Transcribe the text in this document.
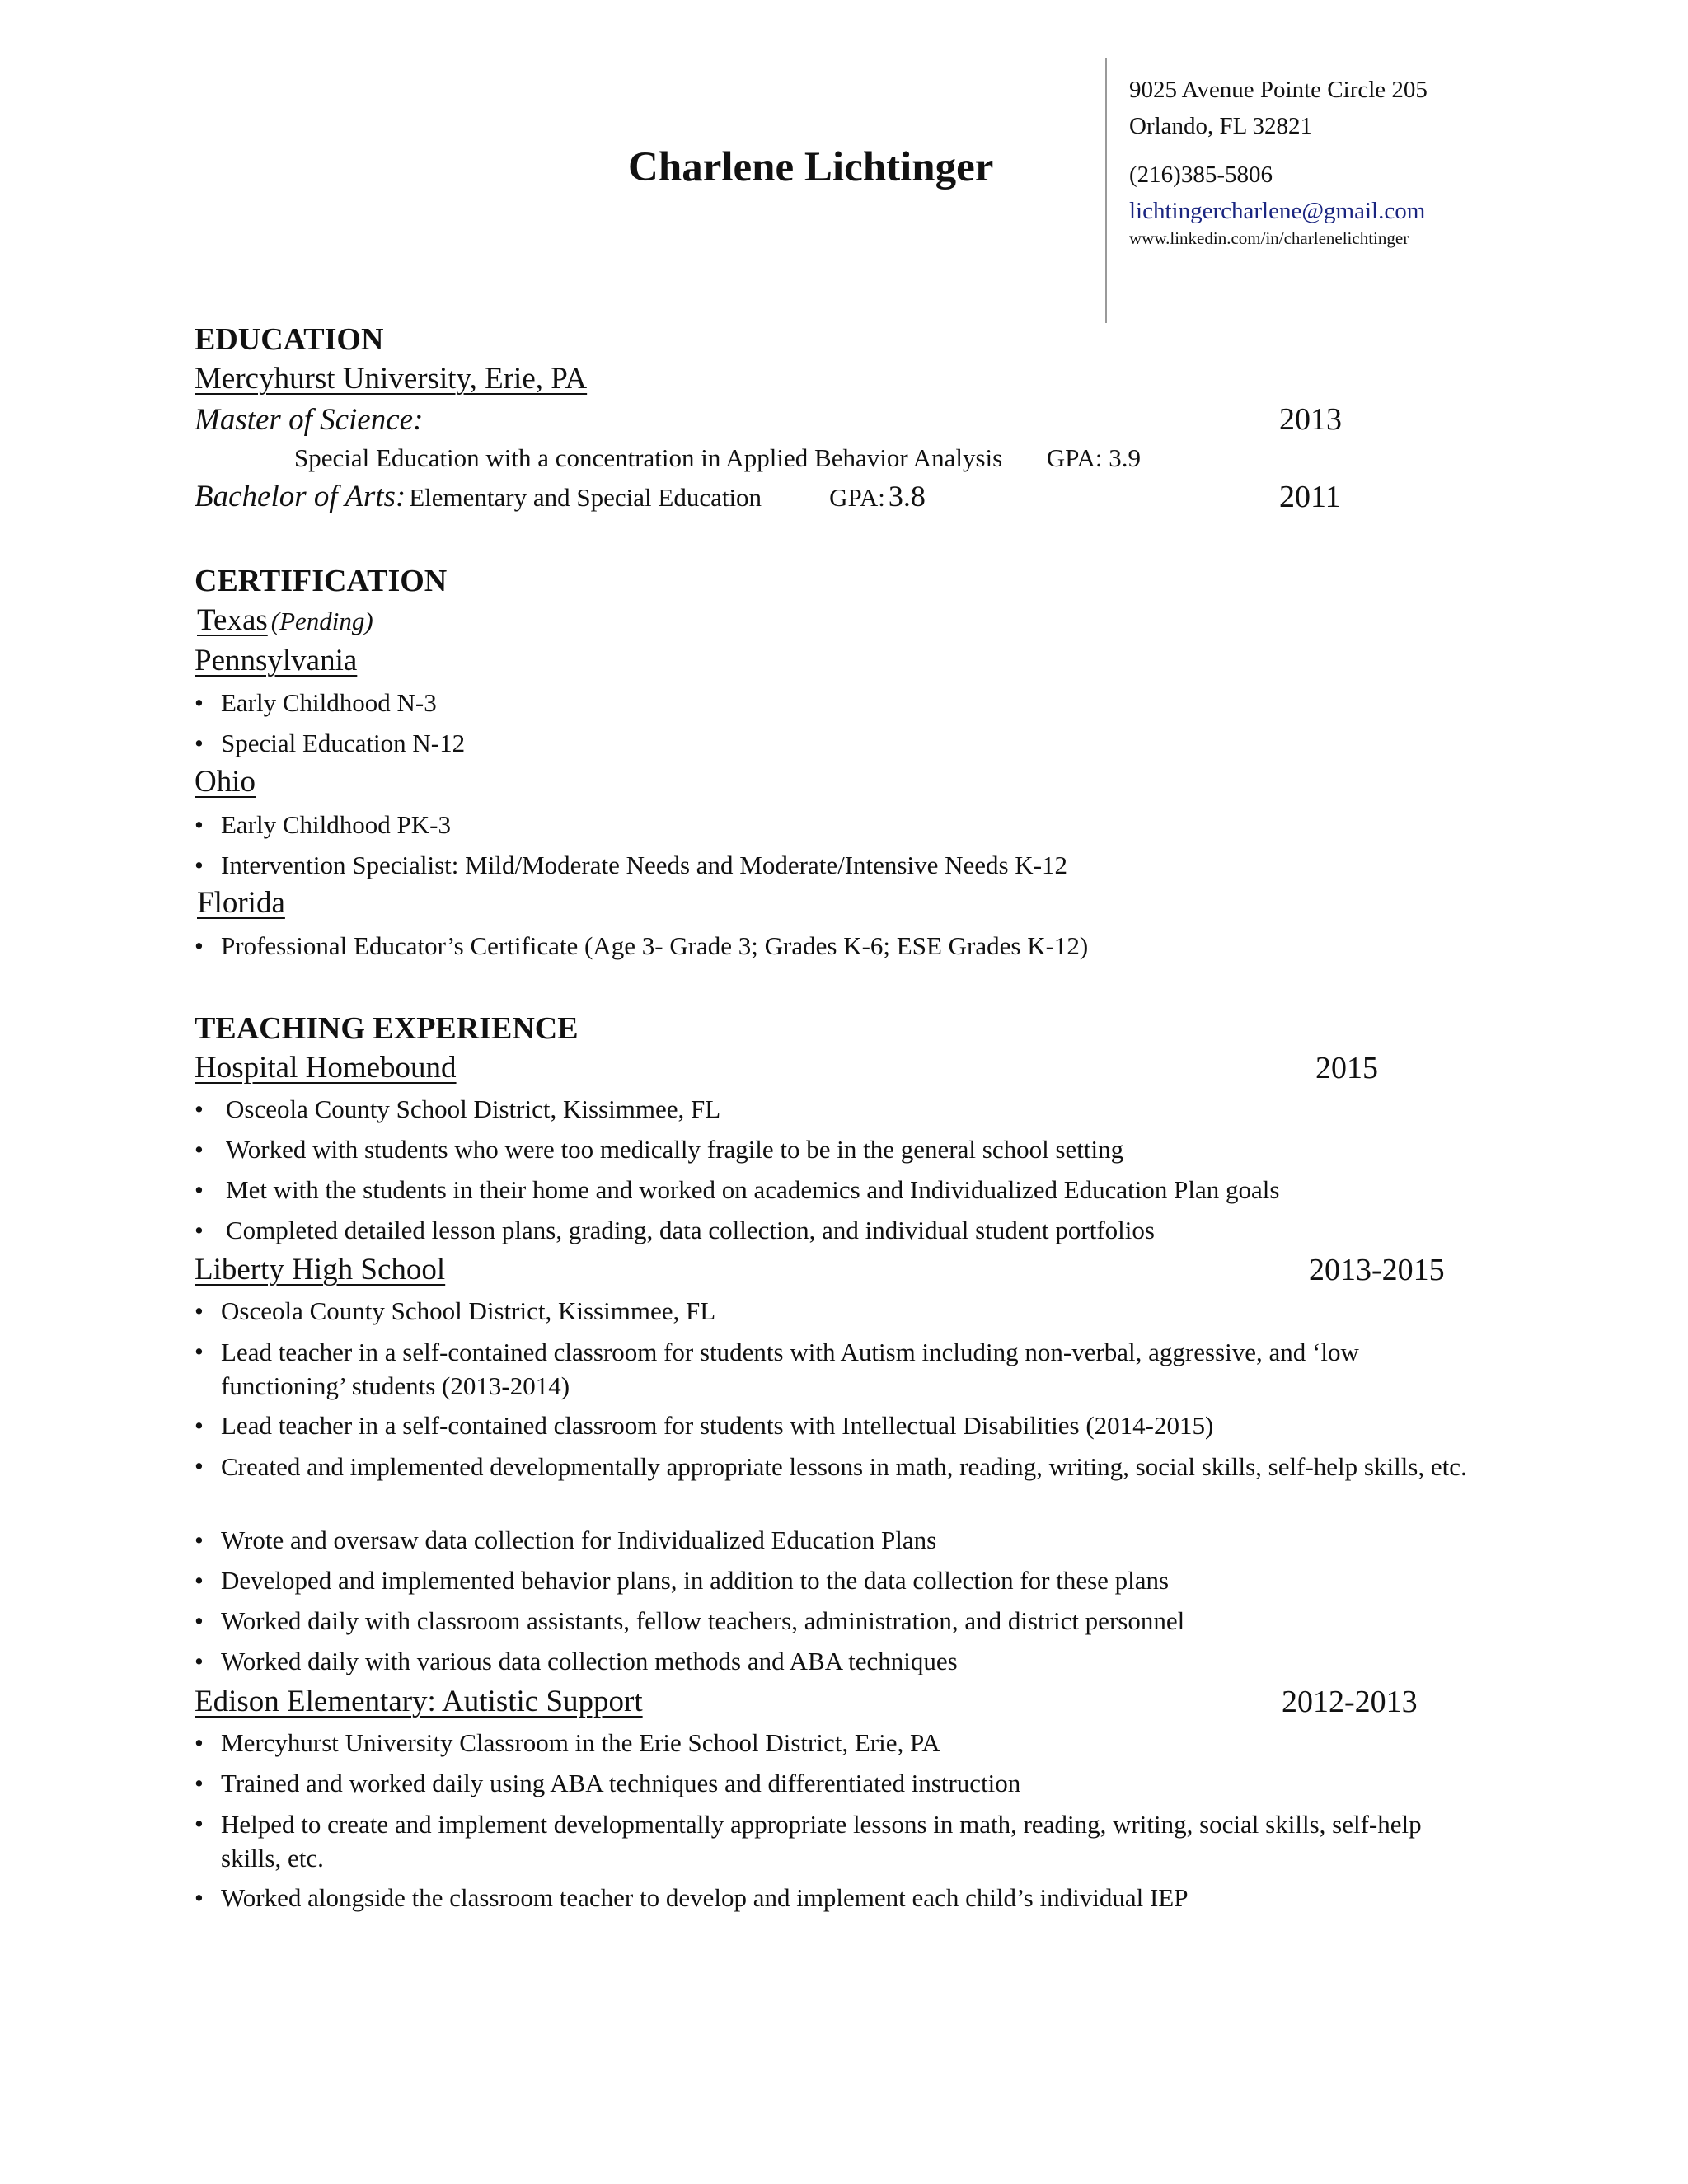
Charlene Lichtinger
9025 Avenue Pointe Circle 205
Orlando, FL 32821
(216)385-5806
lichtingercharlene@gmail.com
www.linkedin.com/in/charlenelichtinger
EDUCATION
Mercyhurst University, Erie, PA
Master of Science:	2013
Special Education with a concentration in Applied Behavior Analysis GPA: 3.9
Bachelor of Arts: Elementary and Special Education	GPA: 3.8	2011
CERTIFICATION
Texas (Pending)
Pennsylvania
• Early Childhood N-3
• Special Education N-12
Ohio
• Early Childhood PK-3
• Intervention Specialist: Mild/Moderate Needs and Moderate/Intensive Needs K-12
Florida
• Professional Educator’s Certificate (Age 3- Grade 3; Grades K-6; ESE Grades K-12)
TEACHING EXPERIENCE
Hospital Homebound	2015
• Osceola County School District, Kissimmee, FL
• Worked with students who were too medically fragile to be in the general school setting
• Met with the students in their home and worked on academics and Individualized Education Plan goals
• Completed detailed lesson plans, grading, data collection, and individual student portfolios
Liberty High School	2013-2015
• Osceola County School District, Kissimmee, FL
• Lead teacher in a self-contained classroom for students with Autism including non-verbal, aggressive, and ‘low functioning’ students (2013-2014)
• Lead teacher in a self-contained classroom for students with Intellectual Disabilities (2014-2015)
• Created and implemented developmentally appropriate lessons in math, reading, writing, social skills, self-help skills, etc.
• Wrote and oversaw data collection for Individualized Education Plans
• Developed and implemented behavior plans, in addition to the data collection for these plans
• Worked daily with classroom assistants, fellow teachers, administration, and district personnel
• Worked daily with various data collection methods and ABA techniques
Edison Elementary: Autistic Support	2012-2013
• Mercyhurst University Classroom in the Erie School District, Erie, PA
• Trained and worked daily using ABA techniques and differentiated instruction
• Helped to create and implement developmentally appropriate lessons in math, reading, writing, social skills, self-help skills, etc.
• Worked alongside the classroom teacher to develop and implement each child’s individual IEP
